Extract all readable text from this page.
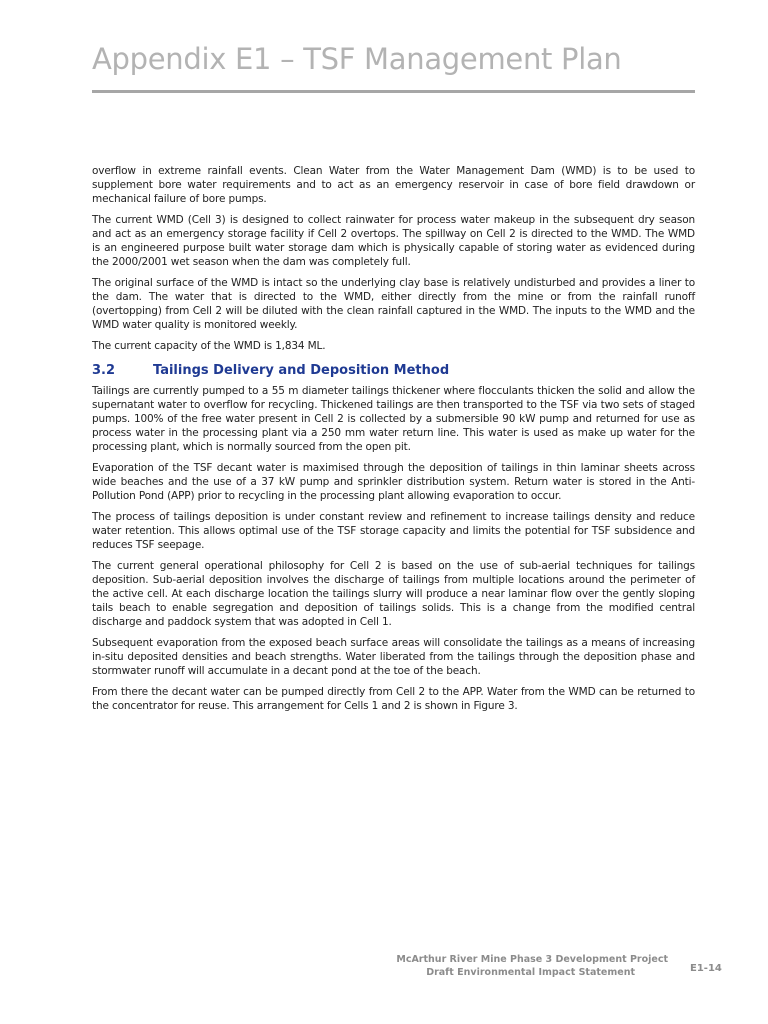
Appendix E1 – TSF Management Plan

overflow in extreme rainfall events. Clean Water from the Water Management Dam (WMD) is to be used to supplement bore water requirements and to act as an emergency reservoir in case of bore field drawdown or mechanical failure of bore pumps.

The current WMD (Cell 3) is designed to collect rainwater for process water makeup in the subsequent dry season and act as an emergency storage facility if Cell 2 overtops. The spillway on Cell 2 is directed to the WMD. The WMD is an engineered purpose built water storage dam which is physically capable of storing water as evidenced during the 2000/2001 wet season when the dam was completely full.

The original surface of the WMD is intact so the underlying clay base is relatively undisturbed and provides a liner to the dam. The water that is directed to the WMD, either directly from the mine or from the rainfall runoff (overtopping) from Cell 2 will be diluted with the clean rainfall captured in the WMD. The inputs to the WMD and the WMD water quality is monitored weekly.

The current capacity of the WMD is 1,834 ML.

3.2	Tailings Delivery and Deposition Method

Tailings are currently pumped to a 55 m diameter tailings thickener where flocculants thicken the solid and allow the supernatant water to overflow for recycling. Thickened tailings are then transported to the TSF via two sets of staged pumps. 100% of the free water present in Cell 2 is collected by a submersible 90 kW pump and returned for use as process water in the processing plant via a 250 mm water return line. This water is used as make up water for the processing plant, which is normally sourced from the open pit.

Evaporation of the TSF decant water is maximised through the deposition of tailings in thin laminar sheets across wide beaches and the use of a 37 kW pump and sprinkler distribution system. Return water is stored in the Anti-Pollution Pond (APP) prior to recycling in the processing plant allowing evaporation to occur.

The process of tailings deposition is under constant review and refinement to increase tailings density and reduce water retention. This allows optimal use of the TSF storage capacity and limits the potential for TSF subsidence and reduces TSF seepage.

The current general operational philosophy for Cell 2 is based on the use of sub-aerial techniques for tailings deposition. Sub-aerial deposition involves the discharge of tailings from multiple locations around the perimeter of the active cell. At each discharge location the tailings slurry will produce a near laminar flow over the gently sloping tails beach to enable segregation and deposition of tailings solids. This is a change from the modified central discharge and paddock system that was adopted in Cell 1.

Subsequent evaporation from the exposed beach surface areas will consolidate the tailings as a means of increasing in-situ deposited densities and beach strengths. Water liberated from the tailings through the deposition phase and stormwater runoff will accumulate in a decant pond at the toe of the beach.

From there the decant water can be pumped directly from Cell 2 to the APP. Water from the WMD can be returned to the concentrator for reuse. This arrangement for Cells 1 and 2 is shown in Figure 3.

McArthur River Mine Phase 3 Development Project
Draft Environmental Impact Statement	E1-14
